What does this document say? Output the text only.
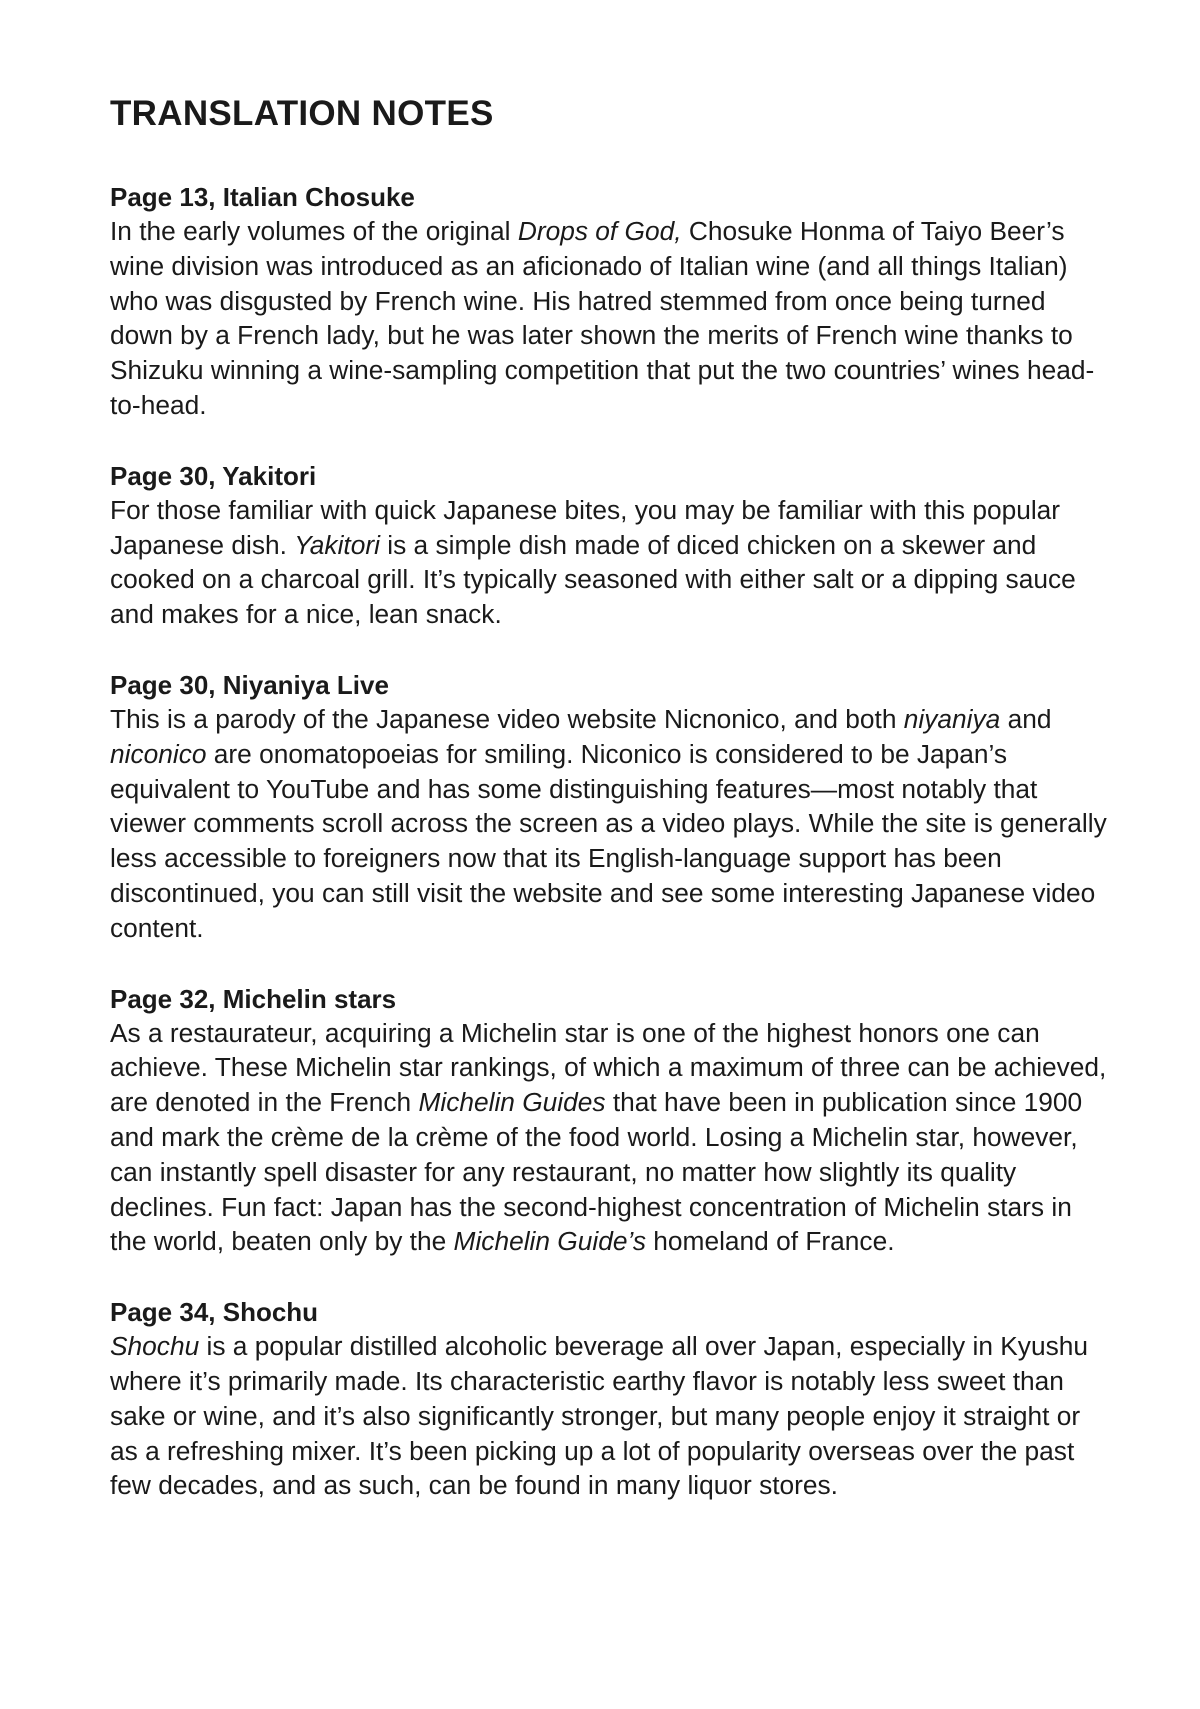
TRANSLATION NOTES

Page 13, Italian Chosuke

In the early volumes of the original Drops of God, Chosuke Honma of Taiyo Beer’s wine division was introduced as an aficionado of Italian wine (and all things Italian) who was disgusted by French wine. His hatred stemmed from once being turned down by a French lady, but he was later shown the merits of French wine thanks to Shizuku winning a wine-sampling competition that put the two countries’ wines head-to-head.

Page 30, Yakitori

For those familiar with quick Japanese bites, you may be familiar with this popular Japanese dish. Yakitori is a simple dish made of diced chicken on a skewer and cooked on a charcoal grill. It’s typically seasoned with either salt or a dipping sauce and makes for a nice, lean snack.

Page 30, Niyaniya Live

This is a parody of the Japanese video website Nicnonico, and both niyaniya and niconico are onomatopoeias for smiling. Niconico is considered to be Japan’s equivalent to YouTube and has some distinguishing features—most notably that viewer comments scroll across the screen as a video plays. While the site is generally less accessible to foreigners now that its English-language support has been discontinued, you can still visit the website and see some interesting Japanese video content.

Page 32, Michelin stars

As a restaurateur, acquiring a Michelin star is one of the highest honors one can achieve. These Michelin star rankings, of which a maximum of three can be achieved, are denoted in the French Michelin Guides that have been in publication since 1900 and mark the crème de la crème of the food world. Losing a Michelin star, however, can instantly spell disaster for any restaurant, no matter how slightly its quality declines. Fun fact: Japan has the second-highest concentration of Michelin stars in the world, beaten only by the Michelin Guide’s homeland of France.

Page 34, Shochu

Shochu is a popular distilled alcoholic beverage all over Japan, especially in Kyushu where it’s primarily made. Its characteristic earthy flavor is notably less sweet than sake or wine, and it’s also significantly stronger, but many people enjoy it straight or as a refreshing mixer. It’s been picking up a lot of popularity overseas over the past few decades, and as such, can be found in many liquor stores.
